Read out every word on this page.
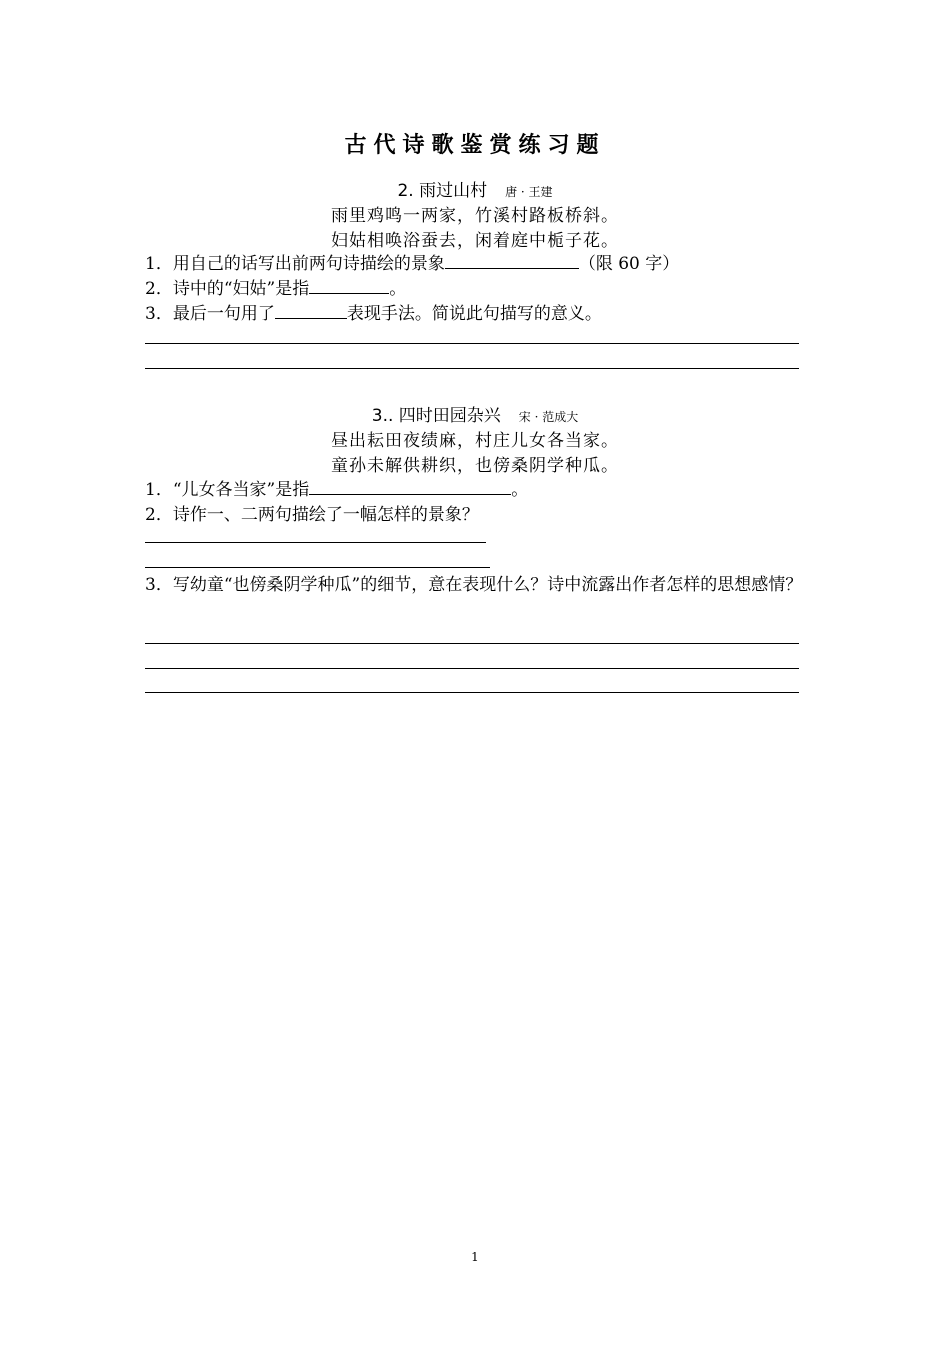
古代诗歌鉴赏练习题
2. 雨过山村 唐 · 王建
雨里鸡鸣一两家，竹溪村路板桥斜。
妇姑相唤浴蚕去，闲着庭中栀子花。
1．用自己的话写出前两句诗描绘的景象	（限 60 字）
2．诗中的“妇姑”是指	。
3．最后一句用了	表现手法。简说此句描写的意义。
3.. 四时田园杂兴 宋 · 范成大
昼出耘田夜绩麻，村庄儿女各当家。
童孙未解供耕织，也傍桑阴学种瓜。
1．“儿女各当家”是指	。
2．诗作一、二两句描绘了一幅怎样的景象？
3．写幼童“也傍桑阴学种瓜”的细节，意在表现什么？诗中流露出作者怎样的思想感情？
1
